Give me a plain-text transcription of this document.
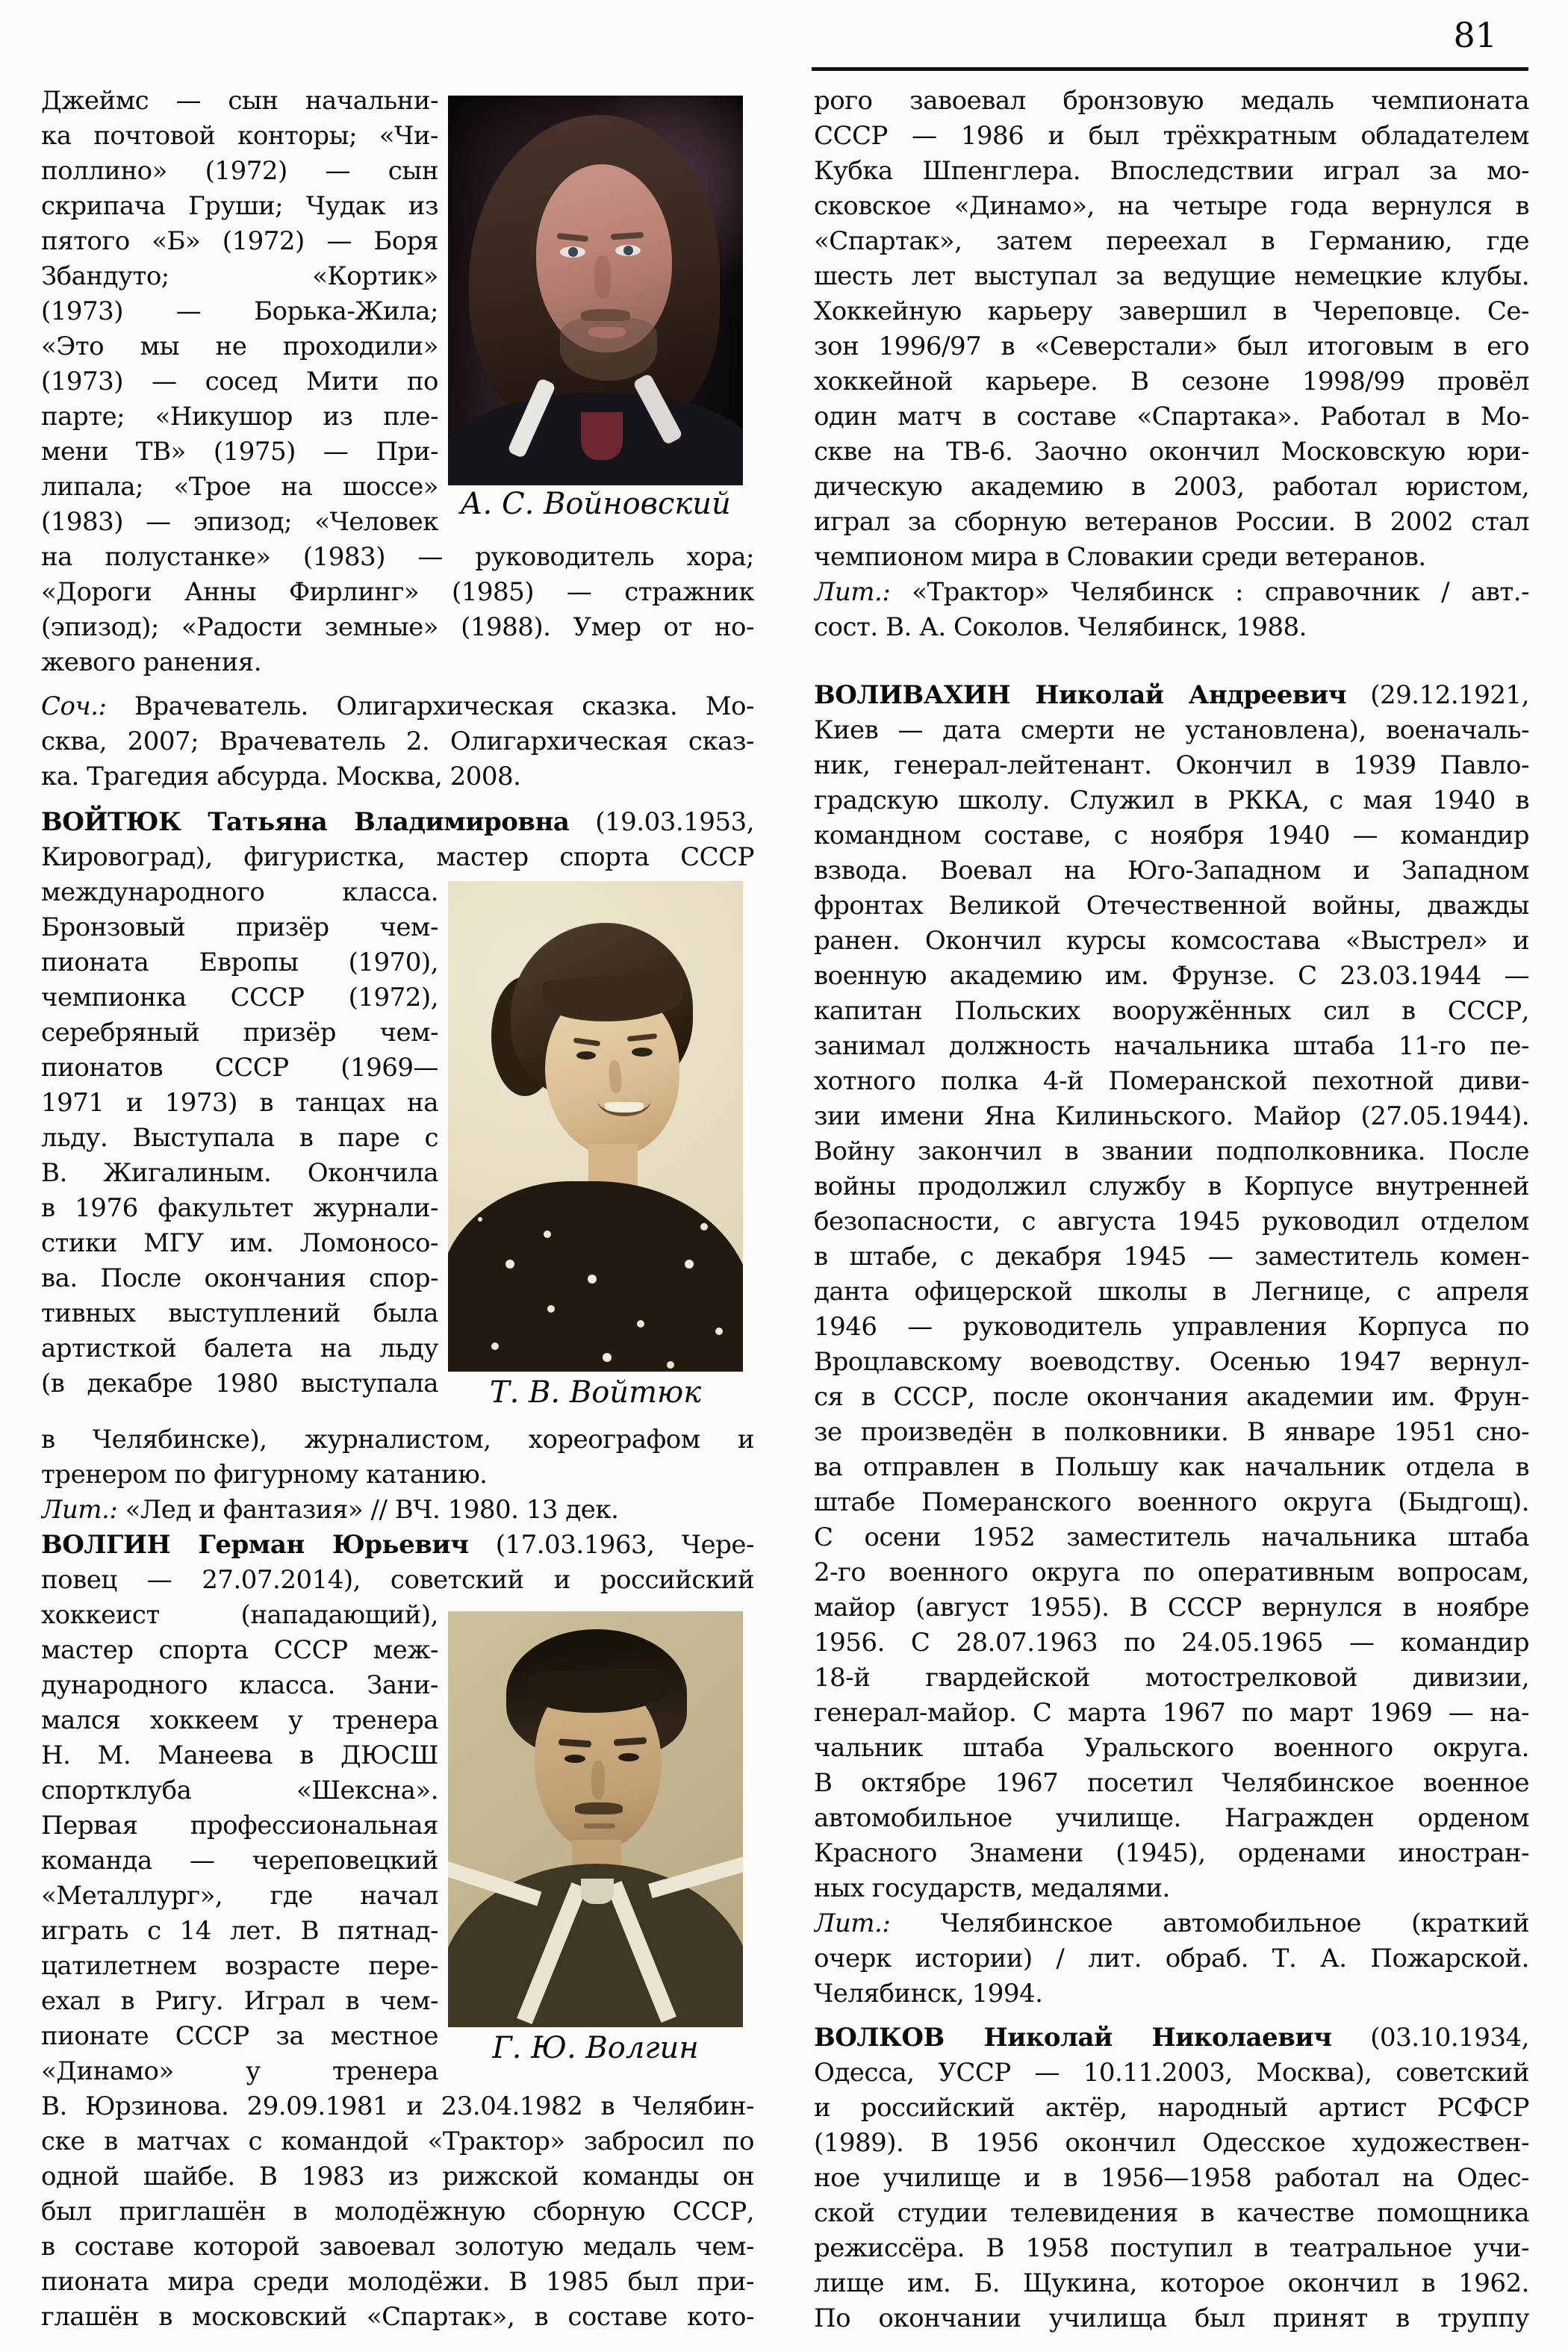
81
А. С. Войновский
Т. В. Войтюк
Г. Ю. Волгин
Джеймс — сын начальни-
ка почтовой конторы; «Чи-
поллино» (1972) — сын
скрипача Груши; Чудак из
пятого «Б» (1972) — Боря
Збандуто; «Кортик»
(1973) — Борька-Жила;
«Это мы не проходили»
(1973) — сосед Мити по
парте; «Никушор из пле-
мени ТВ» (1975) — При-
липала; «Трое на шоссе»
(1983) — эпизод; «Человек
на полустанке» (1983) — руководитель хора;
«Дороги Анны Фирлинг» (1985) — стражник
(эпизод); «Радости земные» (1988). Умер от но-
жевого ранения.
Соч.: Врачеватель. Олигархическая сказка. Мо-
сква, 2007; Врачеватель 2. Олигархическая сказ-
ка. Трагедия абсурда. Москва, 2008.
ВОЙТЮК Татьяна Владимировна (19.03.1953,
Кировоград), фигуристка, мастер спорта СССР
международного класса.
Бронзовый призёр чем-
пионата Европы (1970),
чемпионка СССР (1972),
серебряный призёр чем-
пионатов СССР (1969—
1971 и 1973) в танцах на
льду. Выступала в паре с
В. Жигалиным. Окончила
в 1976 факультет журнали-
стики МГУ им. Ломоносо-
ва. После окончания спор-
тивных выступлений была
артисткой балета на льду
(в декабре 1980 выступала
в Челябинске), журналистом, хореографом и
тренером по фигурному катанию.
Лит.: «Лед и фантазия» // ВЧ. 1980. 13 дек.
ВОЛГИН Герман Юрьевич (17.03.1963, Чере-
повец — 27.07.2014), советский и российский
хоккеист (нападающий),
мастер спорта СССР меж-
дународного класса. Зани-
мался хоккеем у тренера
Н. М. Манеева в ДЮСШ
спортклуба «Шексна».
Первая профессиональная
команда — череповецкий
«Металлург», где начал
играть с 14 лет. В пятнад-
цатилетнем возрасте пере-
ехал в Ригу. Играл в чем-
пионате СССР за местное
«Динамо» у тренера
В. Юрзинова. 29.09.1981 и 23.04.1982 в Челябин-
ске в матчах с командой «Трактор» забросил по
одной шайбе. В 1983 из рижской команды он
был приглашён в молодёжную сборную СССР,
в составе которой завоевал золотую медаль чем-
пионата мира среди молодёжи. В 1985 был при-
глашён в московский «Спартак», в составе кото-
рого завоевал бронзовую медаль чемпионата
СССР — 1986 и был трёхкратным обладателем
Кубка Шпенглера. Впоследствии играл за мо-
сковское «Динамо», на четыре года вернулся в
«Спартак», затем переехал в Германию, где
шесть лет выступал за ведущие немецкие клубы.
Хоккейную карьеру завершил в Череповце. Се-
зон 1996/97 в «Северстали» был итоговым в его
хоккейной карьере. В сезоне 1998/99 провёл
один матч в составе «Спартака». Работал в Мо-
скве на ТВ-6. Заочно окончил Московскую юри-
дическую академию в 2003, работал юристом,
играл за сборную ветеранов России. В 2002 стал
чемпионом мира в Словакии среди ветеранов.
Лит.: «Трактор» Челябинск : справочник / авт.-
сост. В. А. Соколов. Челябинск, 1988.
ВОЛИВАХИН Николай Андреевич (29.12.1921,
Киев — дата смерти не установлена), военачаль-
ник, генерал-лейтенант. Окончил в 1939 Павло-
градскую школу. Служил в РККА, с мая 1940 в
командном составе, с ноября 1940 — командир
взвода. Воевал на Юго-Западном и Западном
фронтах Великой Отечественной войны, дважды
ранен. Окончил курсы комсостава «Выстрел» и
военную академию им. Фрунзе. С 23.03.1944 —
капитан Польских вооружённых сил в СССР,
занимал должность начальника штаба 11-го пе-
хотного полка 4-й Померанской пехотной диви-
зии имени Яна Килиньского. Майор (27.05.1944).
Войну закончил в звании подполковника. После
войны продолжил службу в Корпусе внутренней
безопасности, с августа 1945 руководил отделом
в штабе, с декабря 1945 — заместитель комен-
данта офицерской школы в Легнице, с апреля
1946 — руководитель управления Корпуса по
Вроцлавскому воеводству. Осенью 1947 вернул-
ся в СССР, после окончания академии им. Фрун-
зе произведён в полковники. В январе 1951 сно-
ва отправлен в Польшу как начальник отдела в
штабе Померанского военного округа (Быдгощ).
С осени 1952 заместитель начальника штаба
2-го военного округа по оперативным вопросам,
майор (август 1955). В СССР вернулся в ноябре
1956. С 28.07.1963 по 24.05.1965 — командир
18-й гвардейской мотострелковой дивизии,
генерал-майор. С марта 1967 по март 1969 — на-
чальник штаба Уральского военного округа.
В октябре 1967 посетил Челябинское военное
автомобильное училище. Награжден орденом
Красного Знамени (1945), орденами иностран-
ных государств, медалями.
Лит.: Челябинское автомобильное (краткий
очерк истории) / лит. обраб. Т. А. Пожарской.
Челябинск, 1994.
ВОЛКОВ Николай Николаевич (03.10.1934,
Одесса, УССР — 10.11.2003, Москва), советский
и российский актёр, народный артист РСФСР
(1989). В 1956 окончил Одесское художествен-
ное училище и в 1956—1958 работал на Одес-
ской студии телевидения в качестве помощника
режиссёра. В 1958 поступил в театральное учи-
лище им. Б. Щукина, которое окончил в 1962.
По окончании училища был принят в труппу
